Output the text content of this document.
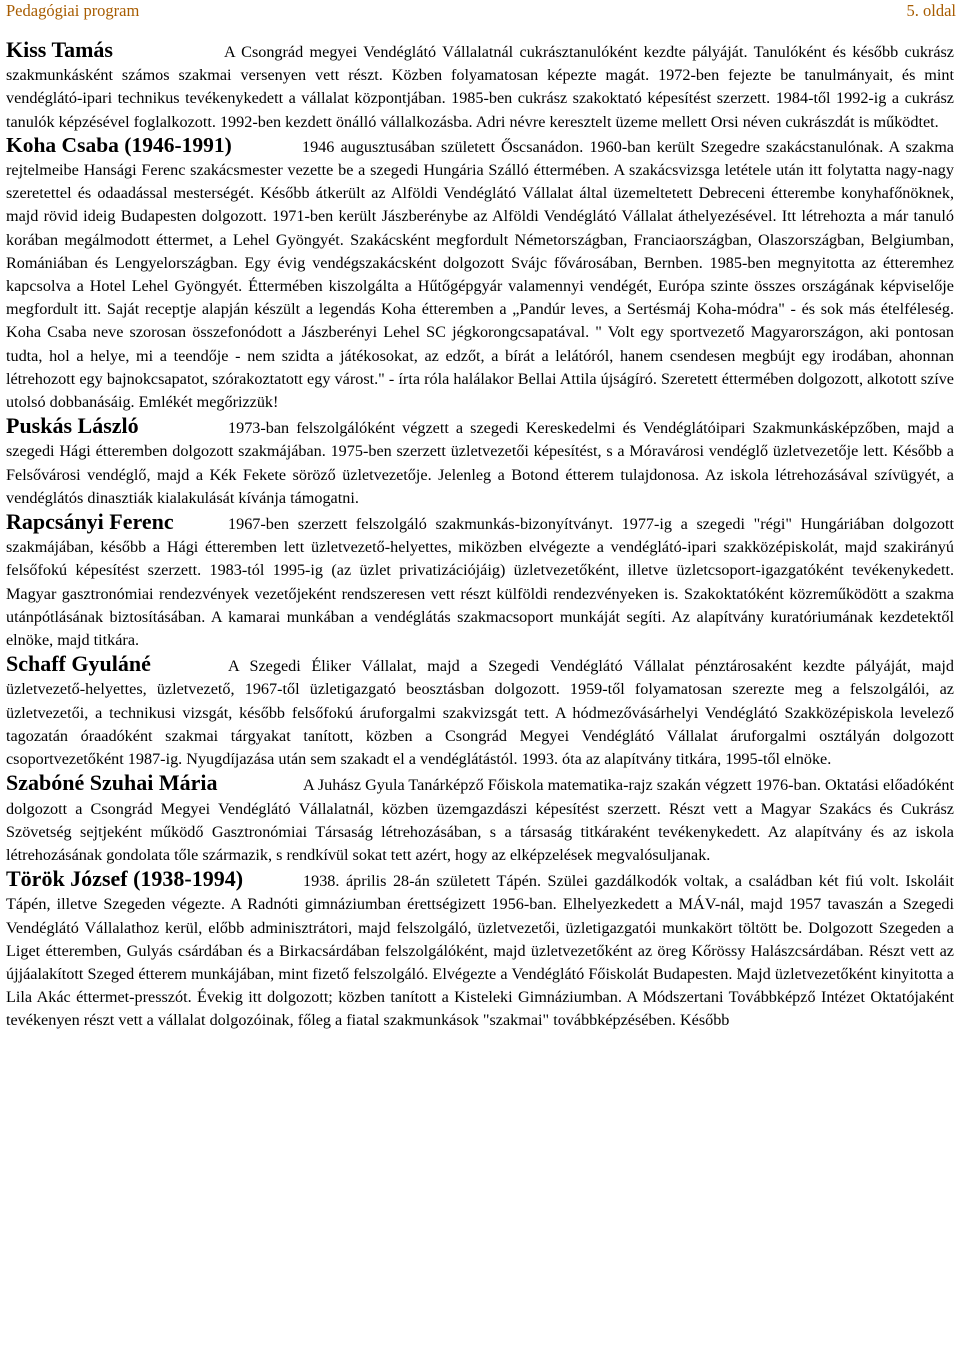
Pedagógiai program	5. oldal

Kiss Tamás	A Csongrád megyei Vendéglátó Vállalatnál cukrásztanulóként kezdte pályáját. Tanulóként és később cukrász szakmunkásként számos szakmai versenyen vett részt. Közben folyamatosan képezte magát. 1972-ben fejezte be tanulmányait, és mint vendéglátó-ipari technikus tevékenykedett a vállalat központjában. 1985-ben cukrász szakoktató képesítést szerzett. 1984-től 1992-ig a cukrász tanulók képzésével foglalkozott. 1992-ben kezdett önálló vállalkozásba. Adri névre keresztelt üzeme mellett Orsi néven cukrászdát is működtet.

Koha Csaba (1946-1991)	1946 augusztusában született Őscsanádon. 1960-ban került Szegedre szakácstanulónak. A szakma rejtelmeibe Hansági Ferenc szakácsmester vezette be a szegedi Hungária Szálló éttermében. A szakácsvizsga letétele után itt folytatta nagy-nagy szeretettel és odaadással mesterségét. Később átkerült az Alföldi Vendéglátó Vállalat által üzemeltetett Debreceni étterembe konyhafőnöknek, majd rövid ideig Budapesten dolgozott. 1971-ben került Jászberénybe az Alföldi Vendéglátó Vállalat áthelyezésével. Itt létrehozta a már tanuló korában megálmodott éttermet, a Lehel Gyöngyét. Szakácsként megfordult Németországban, Franciaországban, Olaszországban, Belgiumban, Romániában és Lengyelországban. Egy évig vendégszakácsként dolgozott Svájc fővárosában, Bernben. 1985-ben megnyitotta az étteremhez kapcsolva a Hotel Lehel Gyöngyét. Éttermében kiszolgálta a Hűtőgépgyár valamennyi vendégét, Európa szinte összes országának képviselője megfordult itt. Saját receptje alapján készült a legendás Koha étteremben a „Pandúr leves, a Sertésmáj Koha-módra" - és sok más ételféleség. Koha Csaba neve szorosan összefonódott a Jászberényi Lehel SC jégkorongcsapatával. " Volt egy sportvezető Magyarországon, aki pontosan tudta, hol a helye, mi a teendője - nem szidta a játékosokat, az edzőt, a bírát a lelátóról, hanem csendesen megbújt egy irodában, ahonnan létrehozott egy bajnokcsapatot, szórakoztatott egy várost." - írta róla halálakor Bellai Attila újságíró. Szeretett éttermében dolgozott, alkotott szíve utolsó dobbanásáig. Emlékét megőrizzük!

Puskás László	1973-ban felszolgálóként végzett a szegedi Kereskedelmi és Vendéglátóipari Szakmunkásképzőben, majd a szegedi Hági étteremben dolgozott szakmájában. 1975-ben szerzett üzletvezetői képesítést, s a Móravárosi vendéglő üzletvezetője lett. Később a Felsővárosi vendéglő, majd a Kék Fekete söröző üzletvezetője. Jelenleg a Botond étterem tulajdonosa. Az iskola létrehozásával szívügyét, a vendéglátós dinasztiák kialakulását kívánja támogatni.

Rapcsányi Ferenc	1967-ben szerzett felszolgáló szakmunkás-bizonyítványt. 1977-ig a szegedi "régi" Hungáriában dolgozott szakmájában, később a Hági étteremben lett üzletvezető-helyettes, miközben elvégezte a vendéglátó-ipari szakközépiskolát, majd szakirányú felsőfokú képesítést szerzett. 1983-tól 1995-ig (az üzlet privatizációjáig) üzletvezetőként, illetve üzletcsoport-igazgatóként tevékenykedett. Magyar gasztronómiai rendezvények vezetőjeként rendszeresen vett részt külföldi rendezvényeken is. Szakoktatóként közreműködött a szakma utánpótlásának biztosításában. A kamarai munkában a vendéglátás szakmacsoport munkáját segíti. Az alapítvány kuratóriumának kezdetektől elnöke, majd titkára.

Schaff Gyuláné	A Szegedi Éliker Vállalat, majd a Szegedi Vendéglátó Vállalat pénztárosaként kezdte pályáját, majd üzletvezető-helyettes, üzletvezető, 1967-től üzletigazgató beosztásban dolgozott. 1959-től folyamatosan szerezte meg a felszolgálói, az üzletvezetői, a technikusi vizsgát, később felsőfokú áruforgalmi szakvizsgát tett. A hódmezővásárhelyi Vendéglátó Szakközépiskola levelező tagozatán óraadóként szakmai tárgyakat tanított, közben a Csongrád Megyei Vendéglátó Vállalat áruforgalmi osztályán dolgozott csoportvezetőként 1987-ig. Nyugdíjazása után sem szakadt el a vendéglátástól. 1993. óta az alapítvány titkára, 1995-től elnöke.

Szabóné Szuhai Mária	A Juhász Gyula Tanárképző Főiskola matematika-rajz szakán végzett 1976-ban. Oktatási előadóként dolgozott a Csongrád Megyei Vendéglátó Vállalatnál, közben üzemgazdászi képesítést szerzett. Részt vett a Magyar Szakács és Cukrász Szövetség sejtjeként működő Gasztronómiai Társaság létrehozásában, s a társaság titkáraként tevékenykedett. Az alapítvány és az iskola létrehozásának gondolata tőle származik, s rendkívül sokat tett azért, hogy az elképzelések megvalósuljanak.

Török József (1938-1994)	1938. április 28-án született Tápén. Szülei gazdálkodók voltak, a családban két fiú volt. Iskoláit Tápén, illetve Szegeden végezte. A Radnóti gimnáziumban érettségizett 1956-ban. Elhelyezkedett a MÁV-nál, majd 1957 tavaszán a Szegedi Vendéglátó Vállalathoz kerül, előbb adminisztrátori, majd felszolgáló, üzletvezetői, üzletigazgatói munkakört töltött be. Dolgozott Szegeden a Liget étteremben, Gulyás csárdában és a Birkacsárdában felszolgálóként, majd üzletvezetőként az öreg Kőrössy Halászcsárdában. Részt vett az újjáalakított Szeged étterem munkájában, mint fizető felszolgáló. Elvégezte a Vendéglátó Főiskolát Budapesten. Majd üzletvezetőként kinyitotta a Lila Akác éttermet-presszót. Évekig itt dolgozott; közben tanított a Kisteleki Gimnáziumban. A Módszertani Továbbképző Intézet Oktatójaként tevékenyen részt vett a vállalat dolgozóinak, főleg a fiatal szakmunkások "szakmai" továbbképzésében. Később
